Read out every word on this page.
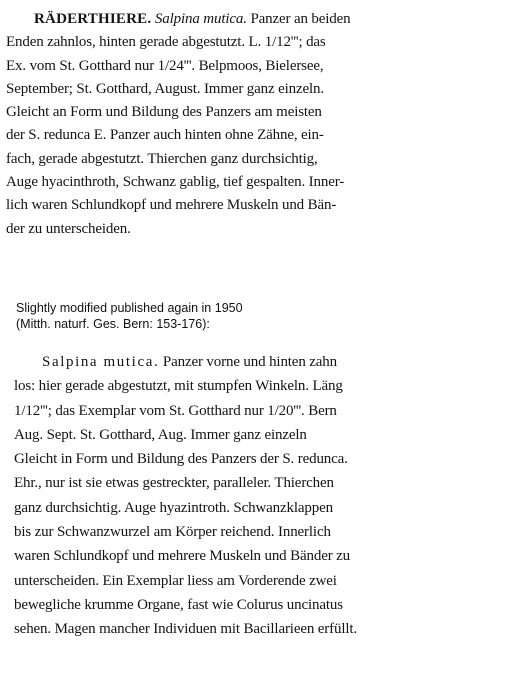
RÄDERTHIERE. Salpina mutica. Panzer an beiden
Enden zahnlos, hinten gerade abgestutzt. L. 1/12'''; das
Ex. vom St. Gotthard nur 1/24'''. Belpmoos, Bielersee,
September; St. Gotthard, August. Immer ganz einzeln.
Gleicht an Form und Bildung des Panzers am meisten
der S. redunca E. Panzer auch hinten ohne Zähne, ein-
fach, gerade abgestutzt. Thierchen ganz durchsichtig,
Auge hyacinthroth, Schwanz gablig, tief gespalten. Inner-
lich waren Schlundkopf und mehrere Muskeln und Bän-
der zu unterscheiden.
Slightly modified published again in 1950
(Mitth. naturf. Ges. Bern: 153-176):
Salpina mutica. Panzer vorne und hinten zahn
los: hier gerade abgestutzt, mit stumpfen Winkeln. Läng
1/12'''; das Exemplar vom St. Gotthard nur 1/20'''. Bern
Aug. Sept. St. Gotthard, Aug. Immer ganz einzeln
Gleicht in Form und Bildung des Panzers der S. redunca.
Ehr., nur ist sie etwas gestreckter, paralleler. Thierchen
ganz durchsichtig. Auge hyazintroth. Schwanzklappen
bis zur Schwanzwurzel am Körper reichend. Innerlich
waren Schlundkopf und mehrere Muskeln und Bänder zu
unterscheiden. Ein Exemplar liess am Vorderende zwei
bewegliche krumme Organe, fast wie Colurus uncinatus
sehen. Magen mancher Individuen mit Bacillarieen erfüllt.
